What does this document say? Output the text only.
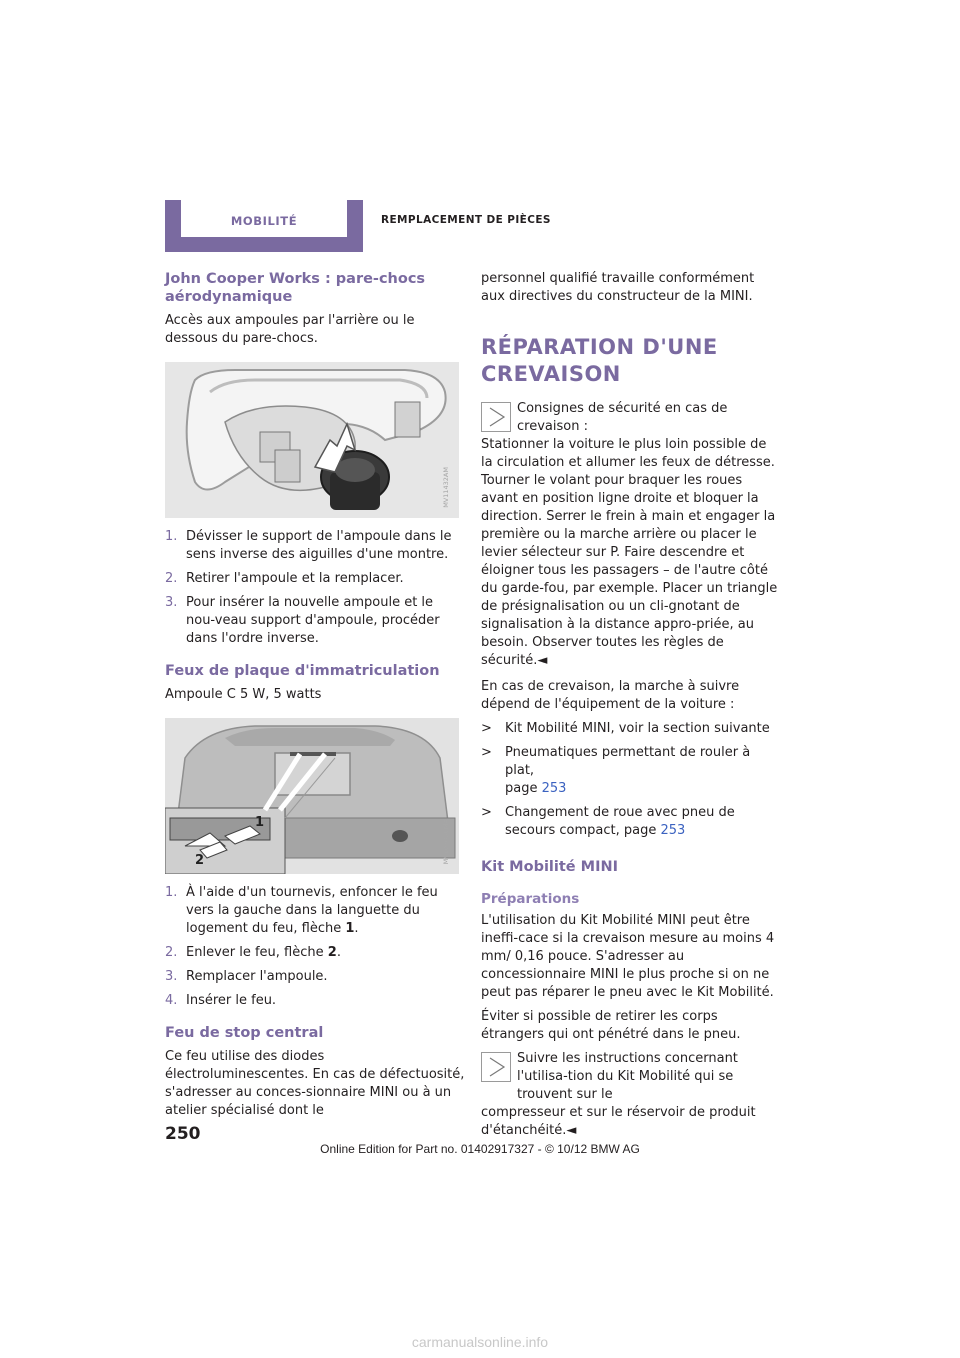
MOBILITÉ	REMPLACEMENT DE PIÈCES
John Cooper Works : pare-chocs
aérodynamique

Accès aux ampoules par l'arrière ou le dessous du pare-chocs.

MV11432AM
1. Dévisser le support de l'ampoule dans le sens inverse des aiguilles d'une montre.
2. Retirer l'ampoule et la remplacer.
3. Pour insérer la nouvelle ampoule et le nou-veau support d'ampoule, procéder dans l'ordre inverse.
Feux de plaque d'immatriculation

Ampoule C 5 W, 5 watts

1
2	MV10303CMA
1. À l'aide d'un tournevis, enfoncer le feu vers la gauche dans la languette du logement du feu, flèche 1.
2. Enlever le feu, flèche 2.
3. Remplacer l'ampoule.
4. Insérer le feu.
Feu de stop central

Ce feu utilise des diodes électroluminescentes. En cas de défectuosité, s'adresser au conces-sionnaire MINI ou à un atelier spécialisé dont le

personnel qualifié travaille conformément aux directives du constructeur de la MINI.

RÉPARATION D'UNE
CREVAISON
Consignes de sécurité en cas de crevaison :
Stationner la voiture le plus loin possible de la circulation et allumer les feux de détresse. Tourner le volant pour braquer les roues avant en position ligne droite et bloquer la direction. Serrer le frein à main et engager la première ou la marche arrière ou placer le levier sélecteur sur P. Faire descendre et éloigner tous les passagers – de l'autre côté du garde-fou, par exemple. Placer un triangle de présignalisation ou un cli-gnotant de signalisation à la distance appro-priée, au besoin. Observer toutes les règles de sécurité.◄

En cas de crevaison, la marche à suivre dépend de l'équipement de la voiture :

>	Kit Mobilité MINI, voir la section suivante
>	Pneumatiques permettant de rouler à plat,
page 253
>	Changement de roue avec pneu de secours compact, page 253
Kit Mobilité MINI
Préparations

L'utilisation du Kit Mobilité MINI peut être ineffi-cace si la crevaison mesure au moins 4 mm/ 0,16 pouce. S'adresser au concessionnaire MINI le plus proche si on ne peut pas réparer le pneu avec le Kit Mobilité.

Éviter si possible de retirer les corps étrangers qui ont pénétré dans le pneu.

Suivre les instructions concernant l'utilisa-tion du Kit Mobilité qui se trouvent sur le
compresseur et sur le réservoir de produit d'étanchéité.◄
250
Online Edition for Part no. 01402917327 - © 10/12 BMW AG
carmanualsonline.info
